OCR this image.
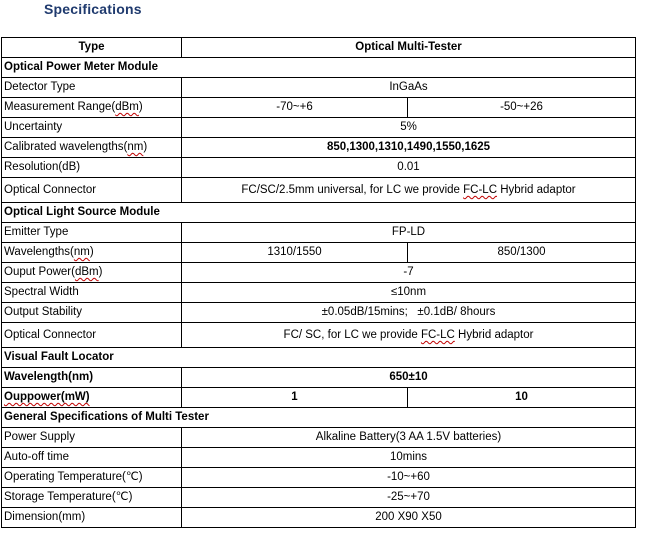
Specifications
Type	Optical Multi-Tester	
Optical Power Meter Module		
Detector Type	InGaAs	
Measurement Range(dBm)	-70~+6	-50~+26
Uncertainty	5%	
Calibrated wavelengths(nm)	850,1300,1310,1490,1550,1625	
Resolution(dB)	0.01	
Optical Connector	FC/SC/2.5mm universal, for LC we provide FC-LC Hybrid adaptor	
Optical Light Source Module		
Emitter Type	FP-LD	
Wavelengths(nm)	1310/1550	850/1300
Ouput Power(dBm)	-7	
Spectral Width	≤10nm	
Output Stability	±0.05dB/15mins;   ±0.1dB/ 8hours	
Optical Connector	FC/ SC, for LC we provide FC-LC Hybrid adaptor	
Visual Fault Locator		
Wavelength(nm)	650±10	
Ouppower(mW)	1	10
General Specifications of Multi Tester		
Power Supply	Alkaline Battery(3 AA 1.5V batteries)	
Auto-off time	10mins	
Operating Temperature(℃)	-10~+60	
Storage Temperature(℃)	-25~+70	
Dimension(mm)	200 X90 X50	
